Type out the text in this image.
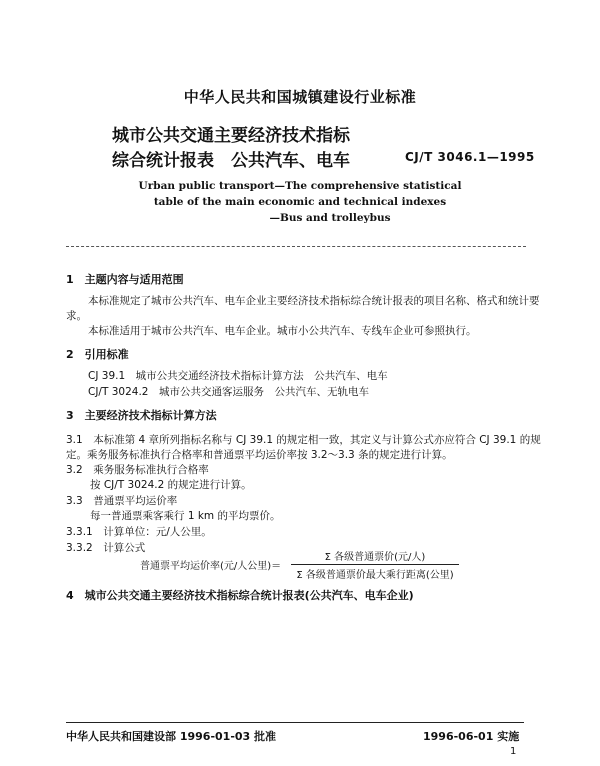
中华人民共和国城镇建设行业标准
城市公共交通主要经济技术指标
综合统计报表　公共汽车、电车	CJ/T 3046.1—1995
Urban public transport—The comprehensive statistical
table of the main economic and technical indexes
—Bus and trolleybus
1　主题内容与适用范围
本标准规定了城市公共汽车、电车企业主要经济技术指标综合统计报表的项目名称、格式和统计要
求。
本标准适用于城市公共汽车、电车企业。城市小公共汽车、专线车企业可参照执行。
2　引用标准
CJ 39.1　城市公共交通经济技术指标计算方法　公共汽车、电车
CJ/T 3024.2　城市公共交通客运服务　公共汽车、无轨电车
3　主要经济技术指标计算方法
3.1　本标准第 4 章所列指标名称与 CJ 39.1 的规定相一致，其定义与计算公式亦应符合 CJ 39.1 的规
定。乘务服务标准执行合格率和普通票平均运价率按 3.2～3.3 条的规定进行计算。
3.2　乘务服务标准执行合格率
按 CJ/T 3024.2 的规定进行计算。
3.3　普通票平均运价率
每一普通票乘客乘行 1 km 的平均票价。
3.3.1　计算单位：元/人公里。
3.3.2　计算公式
普通票平均运价率(元/人公里)＝
Σ 各级普通票价(元/人)
Σ 各级普通票价最大乘行距离(公里)
4　城市公共交通主要经济技术指标综合统计报表(公共汽车、电车企业)
中华人民共和国建设部 1996-01-03 批准	1996-06-01 实施
1
